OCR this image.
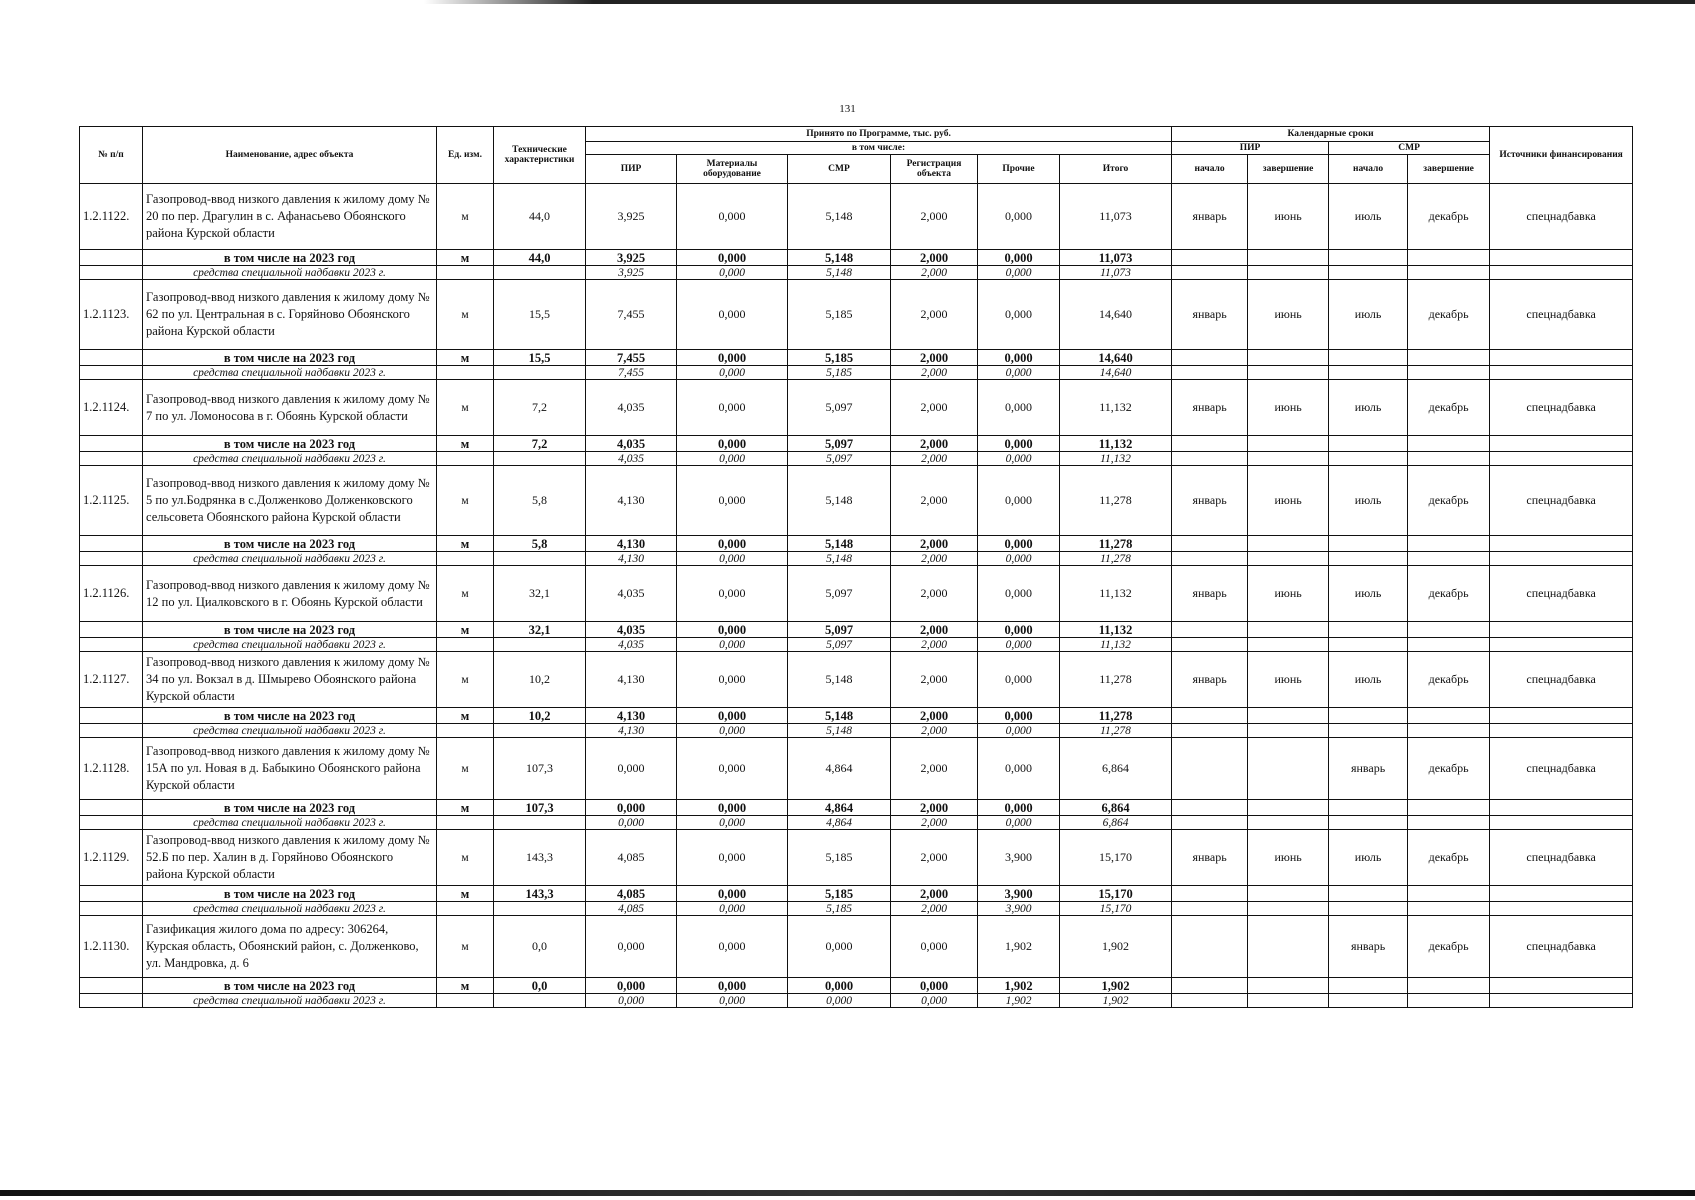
131
№ п/п	Наименование, адрес объекта	Ед. изм.	Технические характеристики	Принято по Программе, тыс. руб.						Календарные сроки				Источники финансирования
				в том числе:						ПИР		СМР		
				ПИР	Материалы оборудование	СМР	Регистрация объекта	Прочие	Итого	начало	завершение	начало	завершение	
1.2.1122.	Газопровод-ввод низкого давления к жилому дому № 20 по пер. Драгулин в с. Афанасьево Обоянского района Курской области	м	44,0	3,925	0,000	5,148	2,000	0,000	11,073	январь	июнь	июль	декабрь	спецнадбавка
	в том числе на 2023 год	м	44,0	3,925	0,000	5,148	2,000	0,000	11,073					
	средства специальной надбавки 2023 г.			3,925	0,000	5,148	2,000	0,000	11,073					
1.2.1123.	Газопровод-ввод низкого давления к жилому дому № 62 по ул. Центральная в с. Горяйново Обоянского района Курской области	м	15,5	7,455	0,000	5,185	2,000	0,000	14,640	январь	июнь	июль	декабрь	спецнадбавка
	в том числе на 2023 год	м	15,5	7,455	0,000	5,185	2,000	0,000	14,640					
	средства специальной надбавки 2023 г.			7,455	0,000	5,185	2,000	0,000	14,640					
1.2.1124.	Газопровод-ввод низкого давления к жилому дому № 7 по ул. Ломоносова в г. Обоянь Курской области	м	7,2	4,035	0,000	5,097	2,000	0,000	11,132	январь	июнь	июль	декабрь	спецнадбавка
	в том числе на 2023 год	м	7,2	4,035	0,000	5,097	2,000	0,000	11,132					
	средства специальной надбавки 2023 г.			4,035	0,000	5,097	2,000	0,000	11,132					
1.2.1125.	Газопровод-ввод низкого давления к жилому дому № 5 по ул.Бодрянка в с.Долженково Долженковского сельсовета Обоянского района Курской области	м	5,8	4,130	0,000	5,148	2,000	0,000	11,278	январь	июнь	июль	декабрь	спецнадбавка
	в том числе на 2023 год	м	5,8	4,130	0,000	5,148	2,000	0,000	11,278					
	средства специальной надбавки 2023 г.			4,130	0,000	5,148	2,000	0,000	11,278					
1.2.1126.	Газопровод-ввод низкого давления к жилому дому № 12 по ул. Циалковского в г. Обоянь Курской области	м	32,1	4,035	0,000	5,097	2,000	0,000	11,132	январь	июнь	июль	декабрь	спецнадбавка
	в том числе на 2023 год	м	32,1	4,035	0,000	5,097	2,000	0,000	11,132					
	средства специальной надбавки 2023 г.			4,035	0,000	5,097	2,000	0,000	11,132					
1.2.1127.	Газопровод-ввод низкого давления к жилому дому № 34 по ул. Вокзал в д. Шмырево Обоянского района Курской области	м	10,2	4,130	0,000	5,148	2,000	0,000	11,278	январь	июнь	июль	декабрь	спецнадбавка
	в том числе на 2023 год	м	10,2	4,130	0,000	5,148	2,000	0,000	11,278					
	средства специальной надбавки 2023 г.			4,130	0,000	5,148	2,000	0,000	11,278					
1.2.1128.	Газопровод-ввод низкого давления к жилому дому № 15А по ул. Новая в д. Бабыкино Обоянского района Курской области	м	107,3	0,000	0,000	4,864	2,000	0,000	6,864			январь	декабрь	спецнадбавка
	в том числе на 2023 год	м	107,3	0,000	0,000	4,864	2,000	0,000	6,864					
	средства специальной надбавки 2023 г.			0,000	0,000	4,864	2,000	0,000	6,864					
1.2.1129.	Газопровод-ввод низкого давления к жилому дому № 52.Б по пер. Халин в д. Горяйново Обоянского района Курской области	м	143,3	4,085	0,000	5,185	2,000	3,900	15,170	январь	июнь	июль	декабрь	спецнадбавка
	в том числе на 2023 год	м	143,3	4,085	0,000	5,185	2,000	3,900	15,170					
	средства специальной надбавки 2023 г.			4,085	0,000	5,185	2,000	3,900	15,170					
1.2.1130.	Газификация жилого дома по адресу: 306264, Курская область, Обоянский район, с. Долженково, ул. Мандровка, д. 6	м	0,0	0,000	0,000	0,000	0,000	1,902	1,902			январь	декабрь	спецнадбавка
	в том числе на 2023 год	м	0,0	0,000	0,000	0,000	0,000	1,902	1,902					
	средства специальной надбавки 2023 г.			0,000	0,000	0,000	0,000	1,902	1,902					
